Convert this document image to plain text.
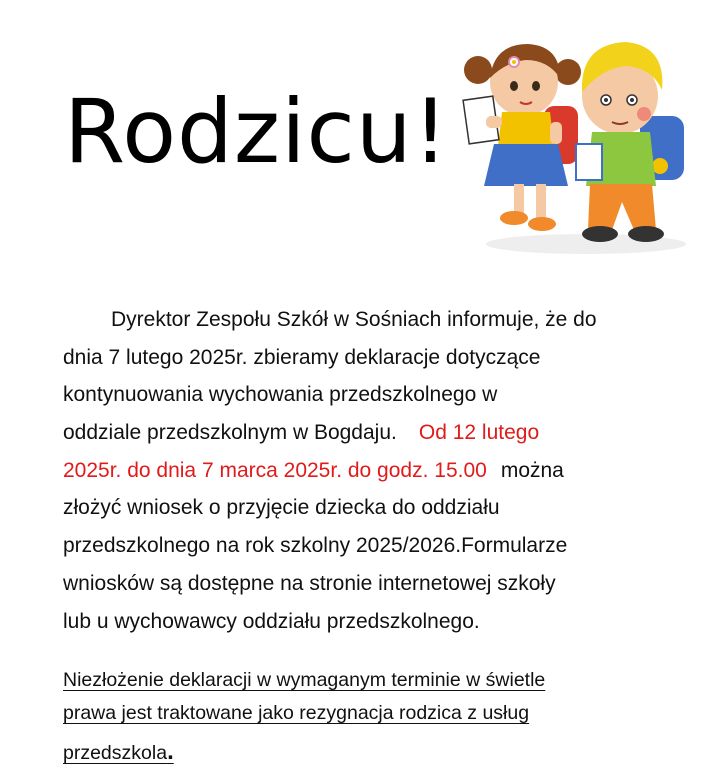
Rodzicu!
Dyrektor Zespołu Szkół w Sośniach informuje, że do
dnia 7 lutego 2025r. zbieramy deklaracje dotyczące
kontynuowania wychowania przedszkolnego w
oddziale przedszkolnym w Bogdaju. Od 12 lutego
2025r. do dnia 7 marca 2025r. do godz. 15.00 można
złożyć wniosek o przyjęcie dziecka do oddziału
przedszkolnego na rok szkolny 2025/2026.Formularze
wniosków są dostępne na stronie internetowej szkoły
lub u wychowawcy oddziału przedszkolnego.
Niezłożenie deklaracji w wymaganym terminie w świetle
prawa jest traktowane jako rezygnacja rodzica z usług
przedszkola.
